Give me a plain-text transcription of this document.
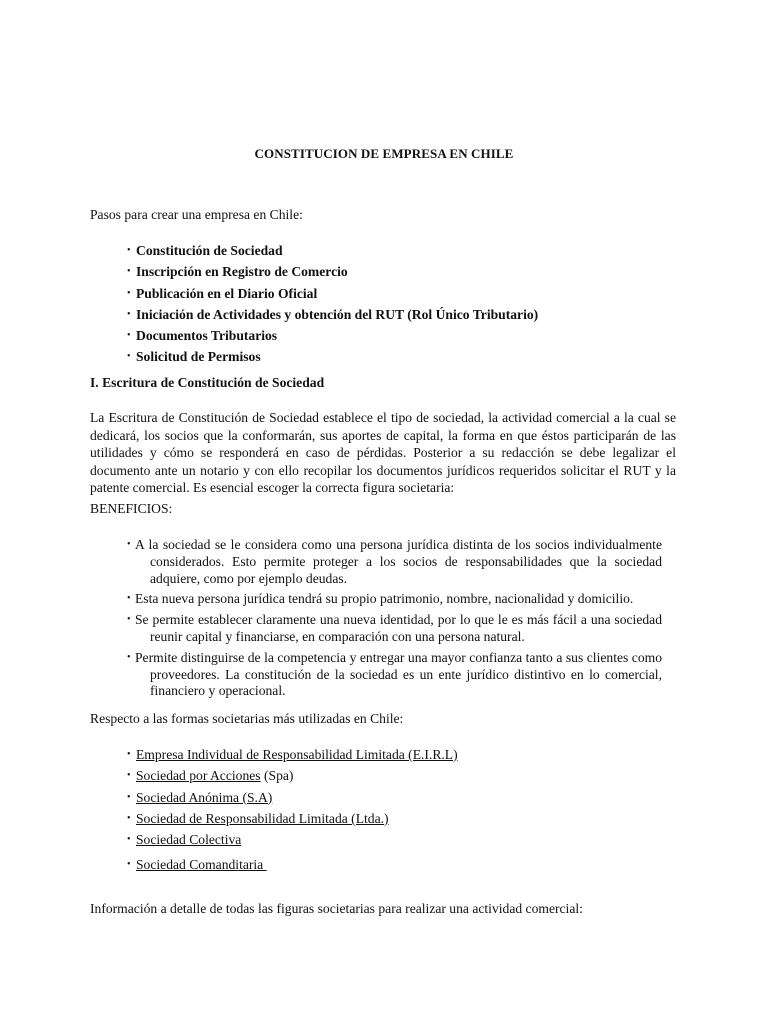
CONSTITUCION DE EMPRESA EN CHILE
Pasos para crear una empresa en Chile:
• Constitución de Sociedad
• Inscripción en Registro de Comercio
• Publicación en el Diario Oficial
• Iniciación de Actividades y obtención del RUT (Rol Único Tributario)
• Documentos Tributarios
• Solicitud de Permisos
I. Escritura de Constitución de Sociedad
La Escritura de Constitución de Sociedad establece el tipo de sociedad, la actividad comercial a la cual se dedicará, los socios que la conformarán, sus aportes de capital, la forma en que éstos participarán de las utilidades y cómo se responderá en caso de pérdidas. Posterior a su redacción se debe legalizar el documento ante un notario y con ello recopilar los documentos jurídicos requeridos solicitar el RUT y la patente comercial. Es esencial escoger la correcta figura societaria:
BENEFICIOS:
• A la sociedad se le considera como una persona jurídica distinta de los socios individualmente considerados. Esto permite proteger a los socios de responsabilidades que la sociedad adquiere, como por ejemplo deudas.
• Esta nueva persona jurídica tendrá su propio patrimonio, nombre, nacionalidad y domicilio.
• Se permite establecer claramente una nueva identidad, por lo que le es más fácil a una sociedad reunir capital y financiarse, en comparación con una persona natural.
• Permite distinguirse de la competencia y entregar una mayor confianza tanto a sus clientes como proveedores. La constitución de la sociedad es un ente jurídico distintivo en lo comercial, financiero y operacional.
Respecto a las formas societarias más utilizadas en Chile:
• Empresa Individual de Responsabilidad Limitada (E.I.R.L)
• Sociedad por Acciones (Spa)
• Sociedad Anónima (S.A)
• Sociedad de Responsabilidad Limitada (Ltda.)
• Sociedad Colectiva
• Sociedad Comanditaria
Información a detalle de todas las figuras societarias para realizar una actividad comercial:
